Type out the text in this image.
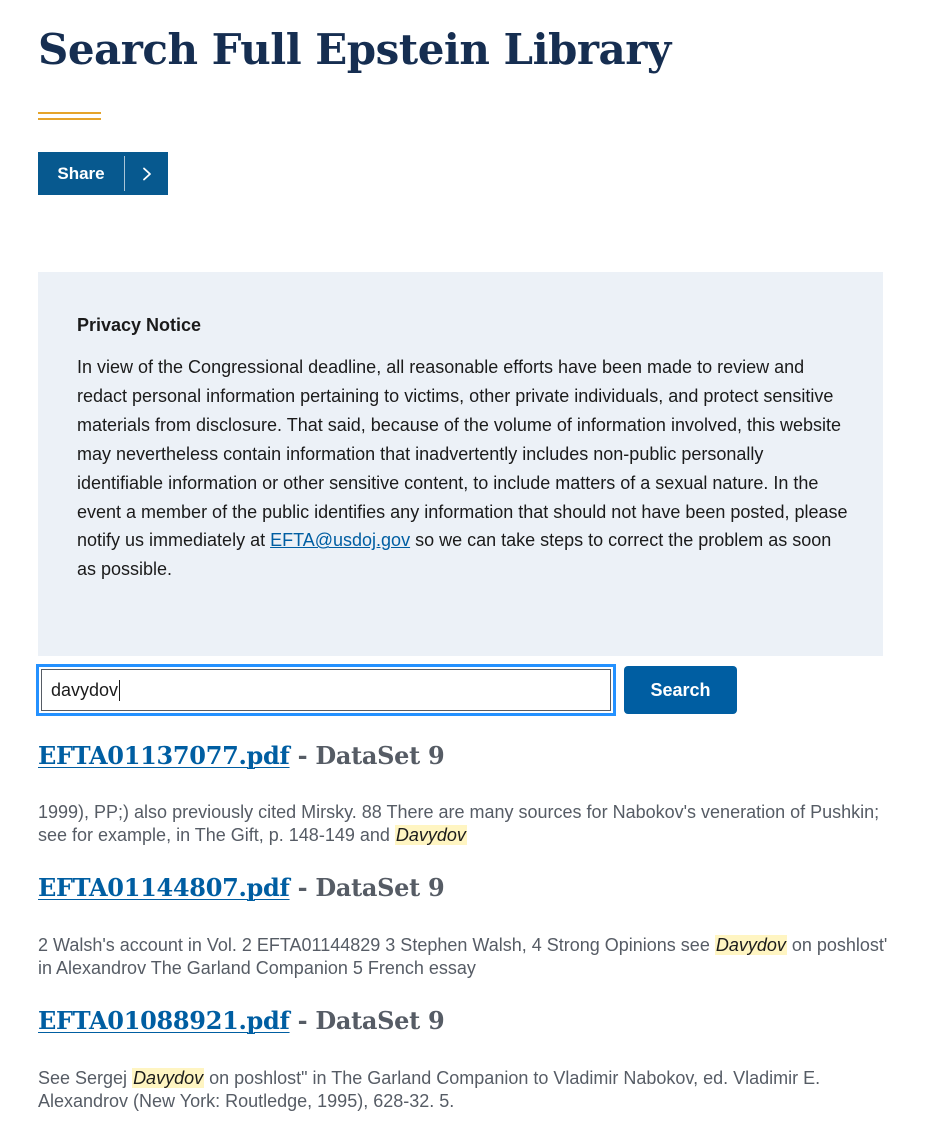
Search Full Epstein Library
Share
Privacy Notice

In view of the Congressional deadline, all reasonable efforts have been made to review and redact personal information pertaining to victims, other private individuals, and protect sensitive materials from disclosure. That said, because of the volume of information involved, this website may nevertheless contain information that inadvertently includes non-public personally identifiable information or other sensitive content, to include matters of a sexual nature. In the event a member of the public identifies any information that should not have been posted, please notify us immediately at EFTA@usdoj.gov so we can take steps to correct the problem as soon as possible.

davydov	Search
EFTA01137077.pdf - DataSet 9

1999), PP;) also previously cited Mirsky. 88 There are many sources for Nabokov's veneration of Pushkin; see for example, in The Gift, p. 148-149 and Davydov

EFTA01144807.pdf - DataSet 9

2 Walsh's account in Vol. 2 EFTA01144829 3 Stephen Walsh, 4 Strong Opinions see Davydov on poshlost' in Alexandrov The Garland Companion 5 French essay

EFTA01088921.pdf - DataSet 9

See Sergej Davydov on poshlost" in The Garland Companion to Vladimir Nabokov, ed. Vladimir E. Alexandrov (New York: Routledge, 1995), 628-32. 5.
